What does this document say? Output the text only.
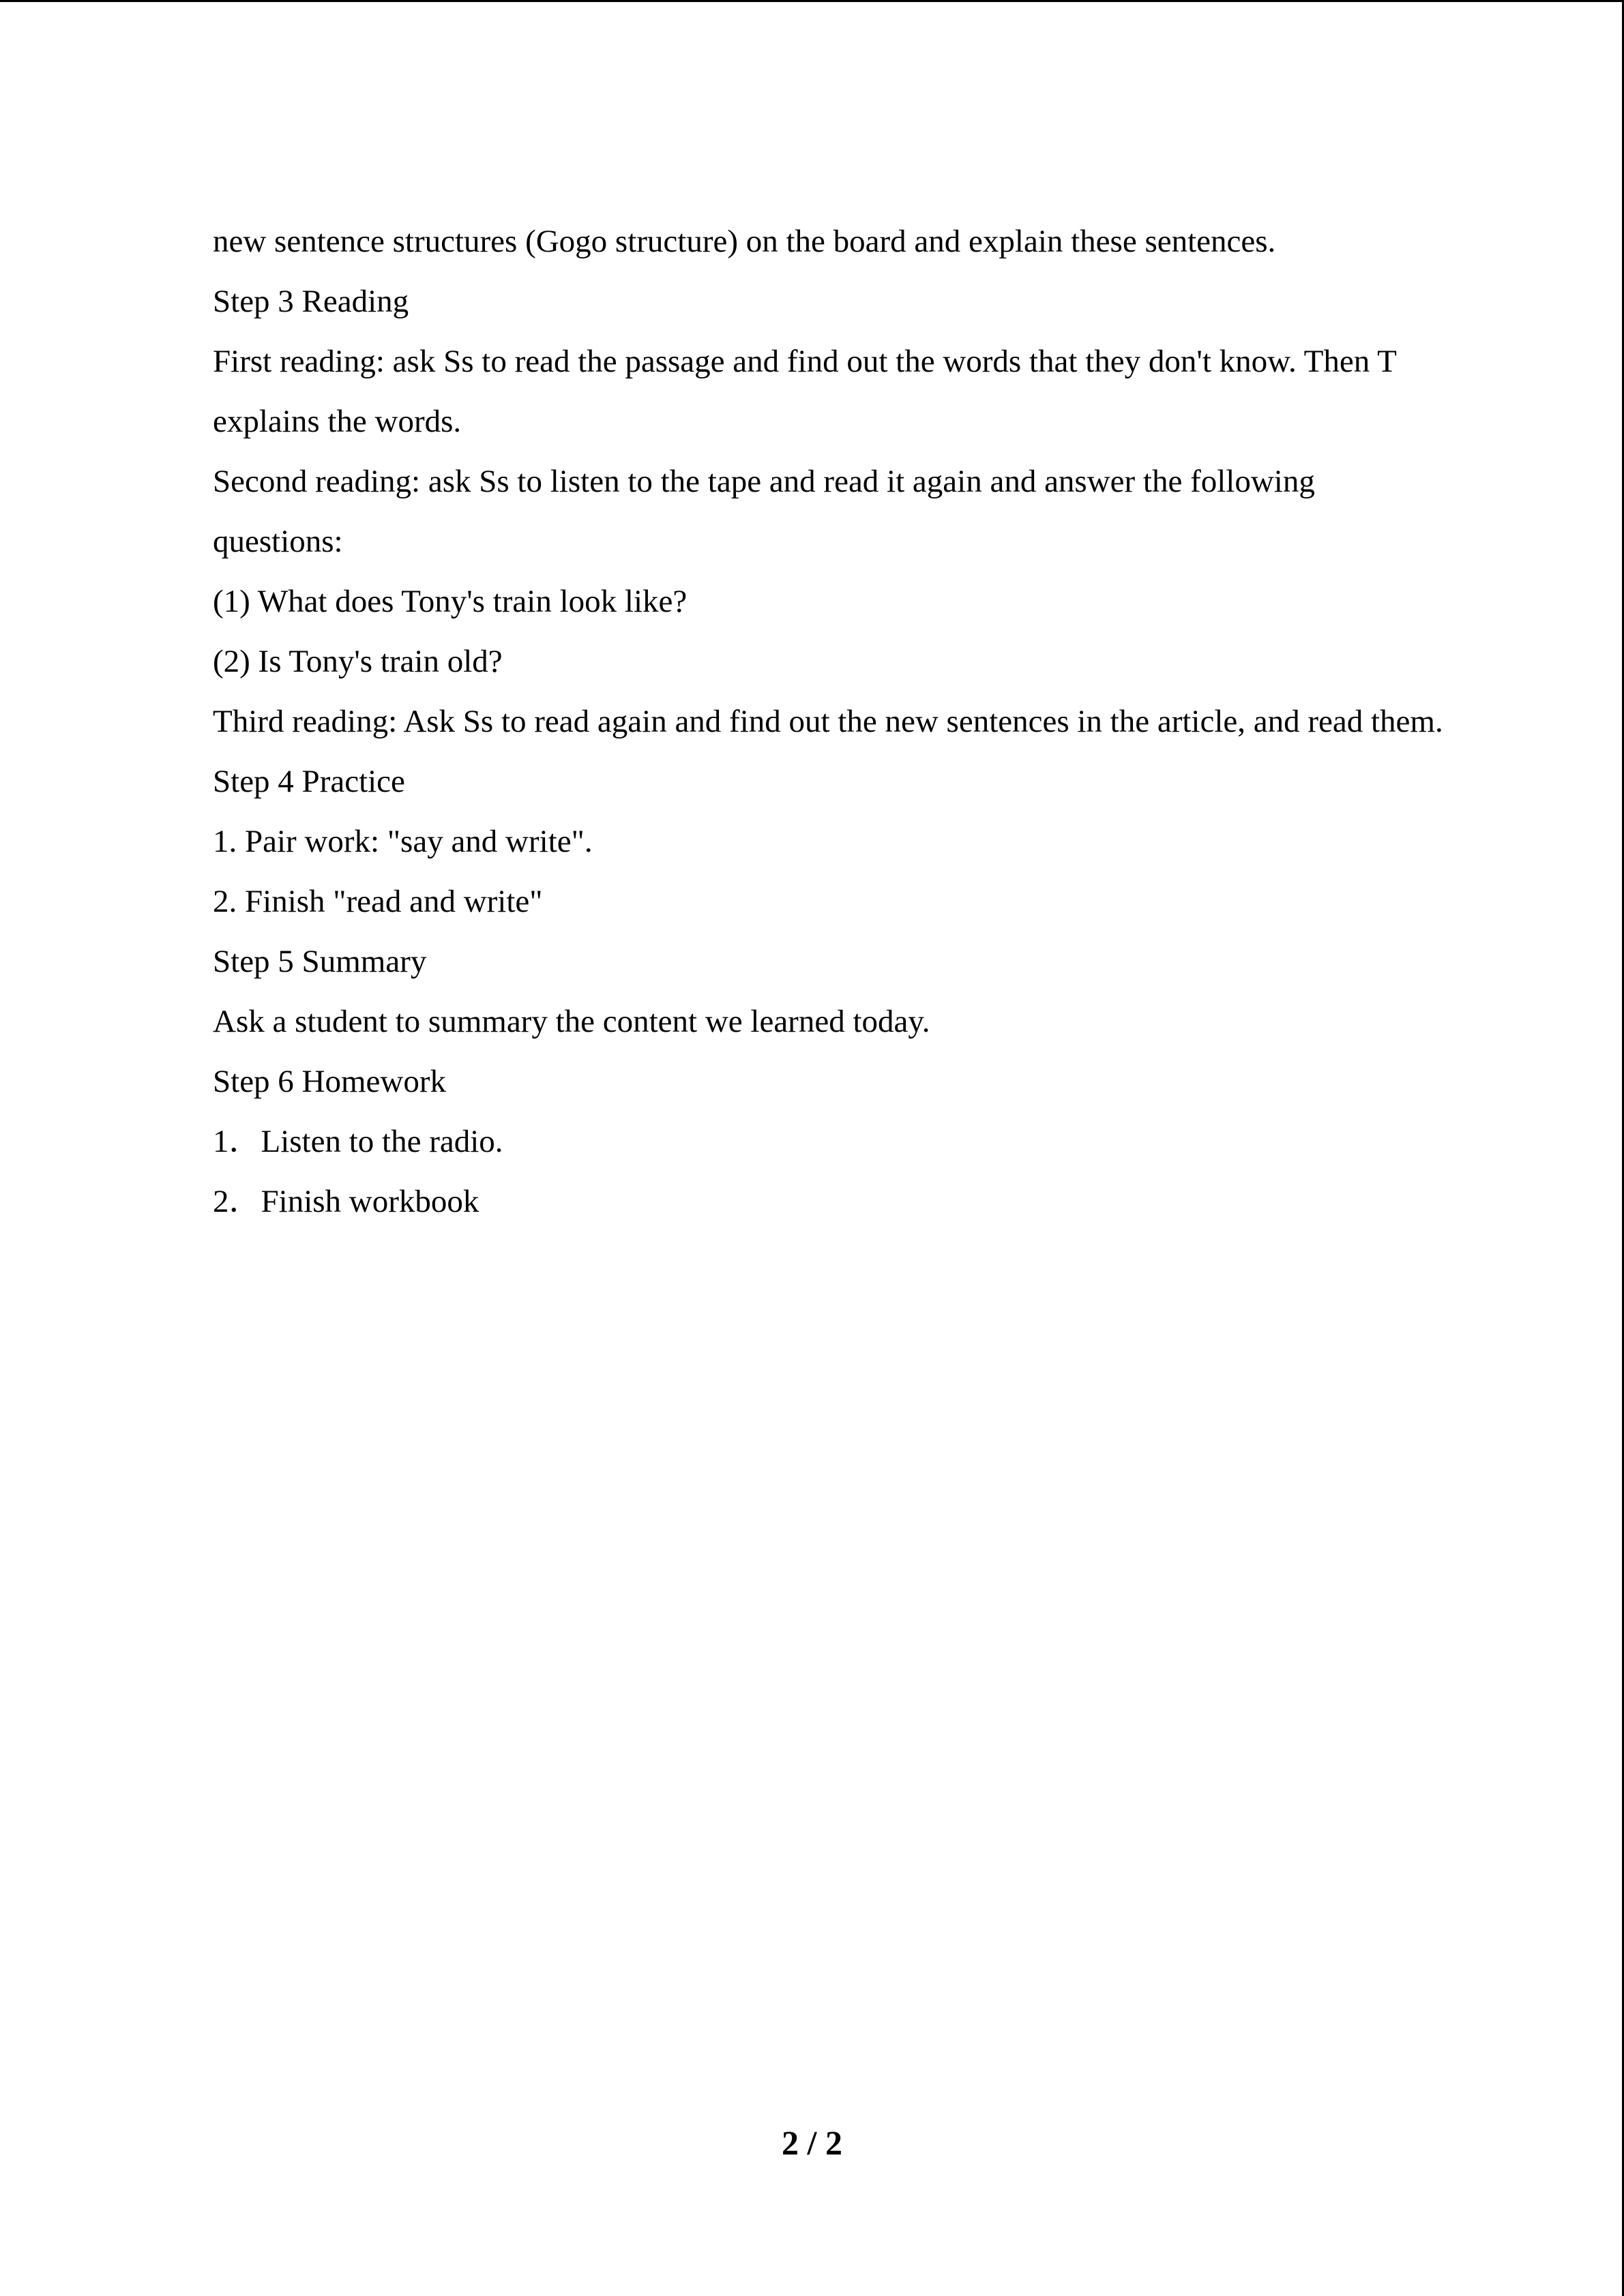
new sentence structures (Gogo structure) on the board and explain these sentences.
Step 3 Reading
First reading: ask Ss to read the passage and find out the words that they don't know. Then T
explains the words.
Second reading: ask Ss to listen to the tape and read it again and answer the following
questions:
(1) What does Tony's train look like?
(2) Is Tony's train old?
Third reading: Ask Ss to read again and find out the new sentences in the article, and read them.
Step 4 Practice
1. Pair work: "say and write".
2. Finish "read and write"
Step 5 Summary
Ask a student to summary the content we learned today.
Step 6 Homework
1．Listen to the radio.
2．Finish workbook
2 / 2
